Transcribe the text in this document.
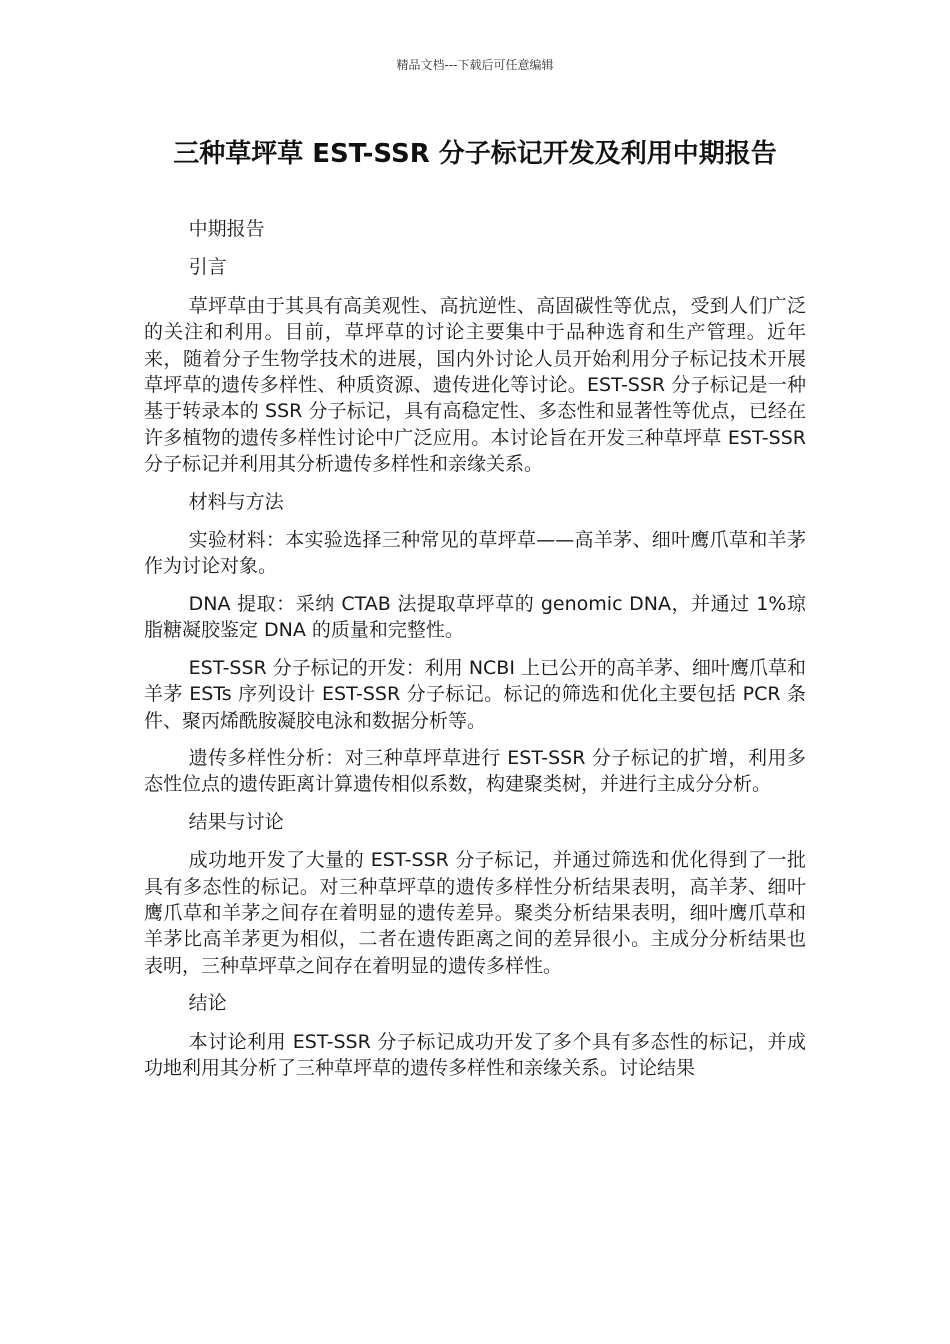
精品文档---下载后可任意编辑
三种草坪草 EST-SSR 分子标记开发及利用中期报告

中期报告

引言

草坪草由于其具有高美观性、高抗逆性、高固碳性等优点，受到人们广泛的关注和利用。目前，草坪草的讨论主要集中于品种选育和生产管理。近年来，随着分子生物学技术的进展，国内外讨论人员开始利用分子标记技术开展草坪草的遗传多样性、种质资源、遗传进化等讨论。EST-SSR 分子标记是一种基于转录本的 SSR 分子标记，具有高稳定性、多态性和显著性等优点，已经在许多植物的遗传多样性讨论中广泛应用。本讨论旨在开发三种草坪草 EST-SSR 分子标记并利用其分析遗传多样性和亲缘关系。

材料与方法

实验材料：本实验选择三种常见的草坪草——高羊茅、细叶鹰爪草和羊茅作为讨论对象。

DNA 提取：采纳 CTAB 法提取草坪草的 genomic DNA，并通过 1%琼脂糖凝胶鉴定 DNA 的质量和完整性。

EST-SSR 分子标记的开发：利用 NCBI 上已公开的高羊茅、细叶鹰爪草和羊茅 ESTs 序列设计 EST-SSR 分子标记。标记的筛选和优化主要包括 PCR 条件、聚丙烯酰胺凝胶电泳和数据分析等。

遗传多样性分析：对三种草坪草进行 EST-SSR 分子标记的扩增，利用多态性位点的遗传距离计算遗传相似系数，构建聚类树，并进行主成分分析。

结果与讨论

成功地开发了大量的 EST-SSR 分子标记，并通过筛选和优化得到了一批具有多态性的标记。对三种草坪草的遗传多样性分析结果表明，高羊茅、细叶鹰爪草和羊茅之间存在着明显的遗传差异。聚类分析结果表明，细叶鹰爪草和羊茅比高羊茅更为相似，二者在遗传距离之间的差异很小。主成分分析结果也表明，三种草坪草之间存在着明显的遗传多样性。

结论

本讨论利用 EST-SSR 分子标记成功开发了多个具有多态性的标记，并成功地利用其分析了三种草坪草的遗传多样性和亲缘关系。讨论结果
